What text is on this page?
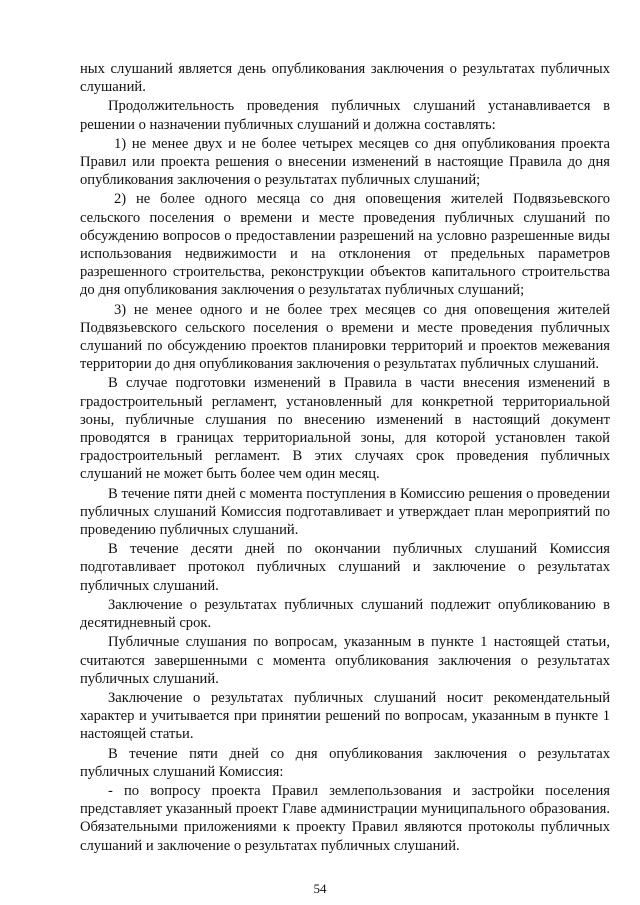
ных слушаний является день опубликования заключения о результатах публичных слушаний.

Продолжительность проведения публичных слушаний устанавливается в решении о назначении публичных слушаний и должна составлять:

1) не менее двух и не более четырех месяцев со дня опубликования проекта Правил или проекта решения о внесении изменений в настоящие Правила до дня опубликования заключения о результатах публичных слушаний;

2) не более одного месяца со дня оповещения жителей Подвязьевского сельского поселения о времени и месте проведения публичных слушаний по обсуждению вопросов о предоставлении разрешений на условно разрешенные виды использования недвижимости и на отклонения от предельных параметров разрешенного строительства, реконструкции объектов капитального строительства до дня опубликования заключения о результатах публичных слушаний;

3) не менее одного и не более трех месяцев со дня оповещения жителей Подвязьевского сельского поселения о времени и месте проведения публичных слушаний по обсуждению проектов планировки территорий и проектов межевания территории до дня опубликования заключения о результатах публичных слушаний.

В случае подготовки изменений в Правила в части внесения изменений в градостроительный регламент, установленный для конкретной территориальной зоны, публичные слушания по внесению изменений в настоящий документ проводятся в границах территориальной зоны, для которой установлен такой градостроительный регламент. В этих случаях срок проведения публичных слушаний не может быть более чем один месяц.

В течение пяти дней с момента поступления в Комиссию решения о проведении публичных слушаний Комиссия подготавливает и утверждает план мероприятий по проведению публичных слушаний.

В течение десяти дней по окончании публичных слушаний Комиссия подготавливает протокол публичных слушаний и заключение о результатах публичных слушаний.

Заключение о результатах публичных слушаний подлежит опубликованию в десятидневный срок.

Публичные слушания по вопросам, указанным в пункте 1 настоящей статьи, считаются завершенными с момента опубликования заключения о результатах публичных слушаний.

Заключение о результатах публичных слушаний носит рекомендательный характер и учитывается при принятии решений по вопросам, указанным в пункте 1 настоящей статьи.

В течение пяти дней со дня опубликования заключения о результатах публичных слушаний Комиссия:

- по вопросу проекта Правил землепользования и застройки поселения представляет указанный проект Главе администрации муниципального образования. Обязательными приложениями к проекту Правил являются протоколы публичных слушаний и заключение о результатах публичных слушаний.

54
